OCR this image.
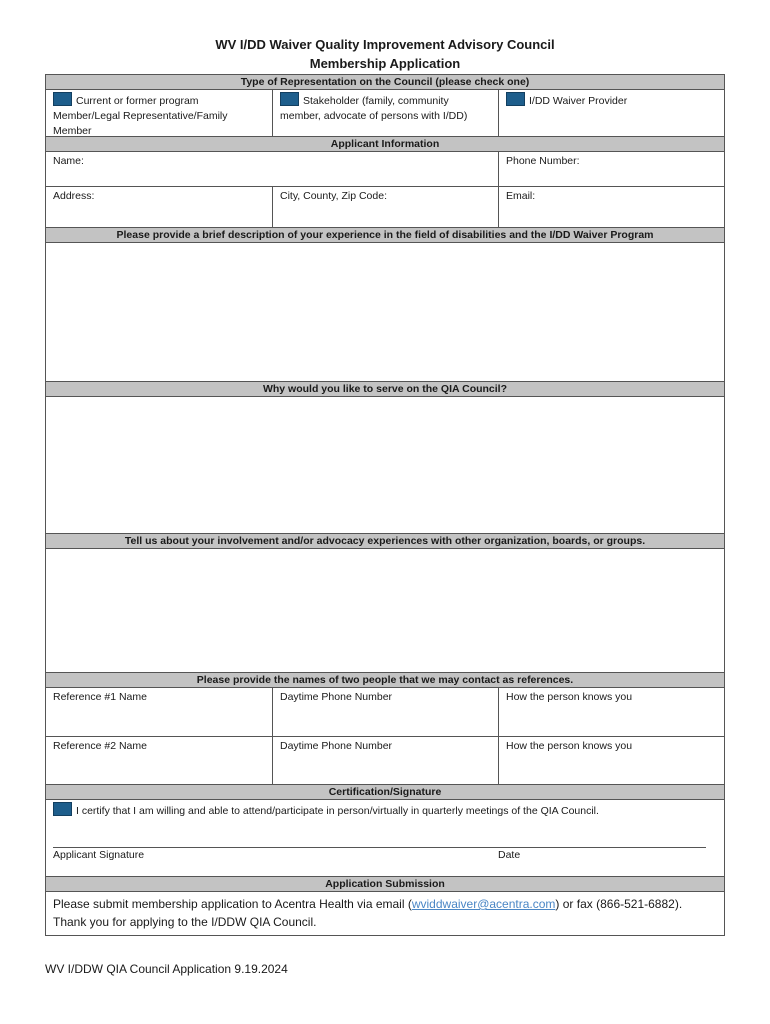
WV I/DD Waiver Quality Improvement Advisory Council
Membership Application
Type of Representation on the Council (please check one)
Current or former program Member/Legal Representative/Family Member
Stakeholder (family, community member, advocate of persons with I/DD)
I/DD Waiver Provider
Applicant Information
Name:	Phone Number:
Address:	City, County, Zip Code:	Email:
Please provide a brief description of your experience in the field of disabilities and the I/DD Waiver Program
Why would you like to serve on the QIA Council?
Tell us about your involvement and/or advocacy experiences with other organization, boards, or groups.
Please provide the names of two people that we may contact as references.
Reference #1 Name	Daytime Phone Number	How the person knows you
Reference #2 Name	Daytime Phone Number	How the person knows you
Certification/Signature
I certify that I am willing and able to attend/participate in person/virtually in quarterly meetings of the QIA Council.
Applicant Signature	Date
Application Submission
Please submit membership application to Acentra Health via email (wviddwaiver@acentra.com) or fax (866-521-6882). Thank you for applying to the I/DDW QIA Council.
WV I/DDW QIA Council Application 9.19.2024
